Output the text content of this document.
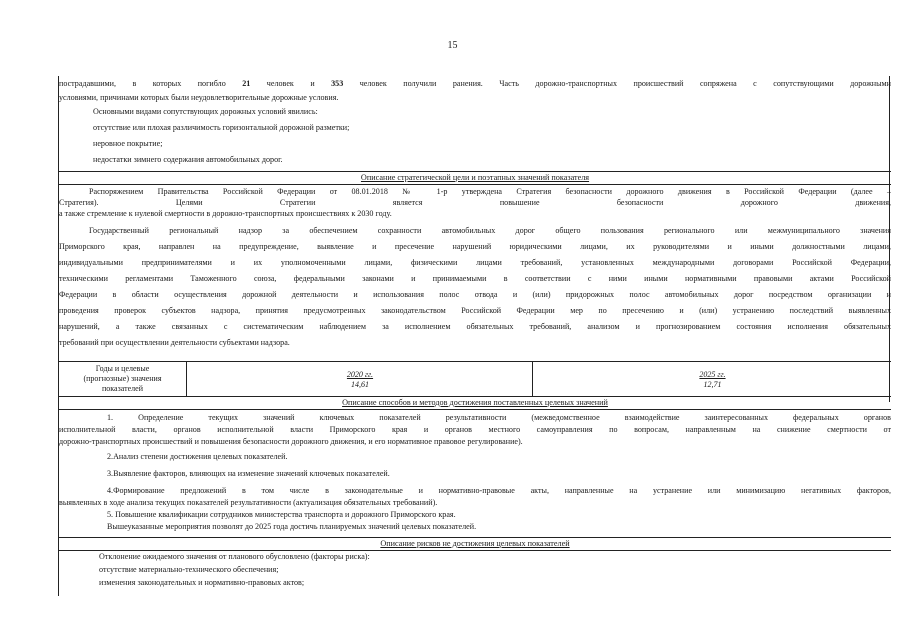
15

пострадавшими, в которых погибло 21 человек и 353 человек получили ранения. Часть дорожно-транспортных происшествий сопряжена с сопутствующими дорожными

условиями, причинами которых были неудовлетворительные дорожные условия.

Основными видами сопутствующих дорожных условий явились:

отсутствие или плохая различимость горизонтальной дорожной разметки;

неровное покрытие;

недостатки зимнего содержания автомобильных дорог.

Описание стратегической цели и поэтапных значений показателя

Распоряжением Правительства Российской Федерации от 08.01.2018 № 1-р утверждена Стратегия безопасности дорожного движения в Российской Федерации (далее –

Стратегия). Целями Стратегии является повышение безопасности дорожного движения,

а также стремление к нулевой смертности в дорожно-транспортных происшествиях к 2030 году.

Государственный региональный надзор за обеспечением сохранности автомобильных дорог общего пользования регионального или межмуниципального значения

Приморского края, направлен на предупреждение, выявление и пресечение нарушений юридическими лицами, их руководителями и иными должностными лицами,

индивидуальными предпринимателями и их уполномоченными лицами, физическими лицами требований, установленных международными договорами Российской Федерации,

техническими регламентами Таможенного союза, федеральными законами и принимаемыми в соответствии с ними иными нормативными правовыми актами Российской

Федерации в области осуществления дорожной деятельности и использования полос отвода и (или) придорожных полос автомобильных дорог посредством организации и

проведения проверок субъектов надзора, принятия предусмотренных законодательством Российской Федерации мер по пресечению и (или) устранению последствий выявленных

нарушений, а также связанных с систематическим наблюдением за исполнением обязательных требований, анализом и прогнозированием состояния исполнения обязательных

требований при осуществлении деятельности субъектами надзора.

Годы и целевые
(прогнозные) значения
показателей
2020 гг.
14,61
2025 гг.
12,71
Описание способов и методов достижения поставленных целевых значений

1. Определение текущих значений ключевых показателей результативности (межведомственное взаимодействие заинтересованных федеральных органов

исполнительной власти, органов исполнительной власти Приморского края и органов местного самоуправления по вопросам, направленным на снижение смертности от

дорожно-транспортных происшествий и повышения безопасности дорожного движения, и его нормативное правовое регулирование).

2.Анализ степени достижения целевых показателей.

3.Выявление факторов, влияющих на изменение значений ключевых показателей.

4.Формирование предложений в том числе в законодательные и нормативно-правовые акты, направленные на устранение или минимизацию негативных факторов,

выявленных в ходе анализа текущих показателей результативности (актуализация обязательных требований).

5. Повышение квалификации сотрудников министерства транспорта и дорожного Приморского края.

Вышеуказанные мероприятия позволят до 2025 года достичь планируемых значений целевых показателей.

Описание рисков не достижения целевых показателей

Отклонение ожидаемого значения от планового обусловлено (факторы риска):

отсутствие материально-технического обеспечения;

изменения законодательных и нормативно-правовых актов;
